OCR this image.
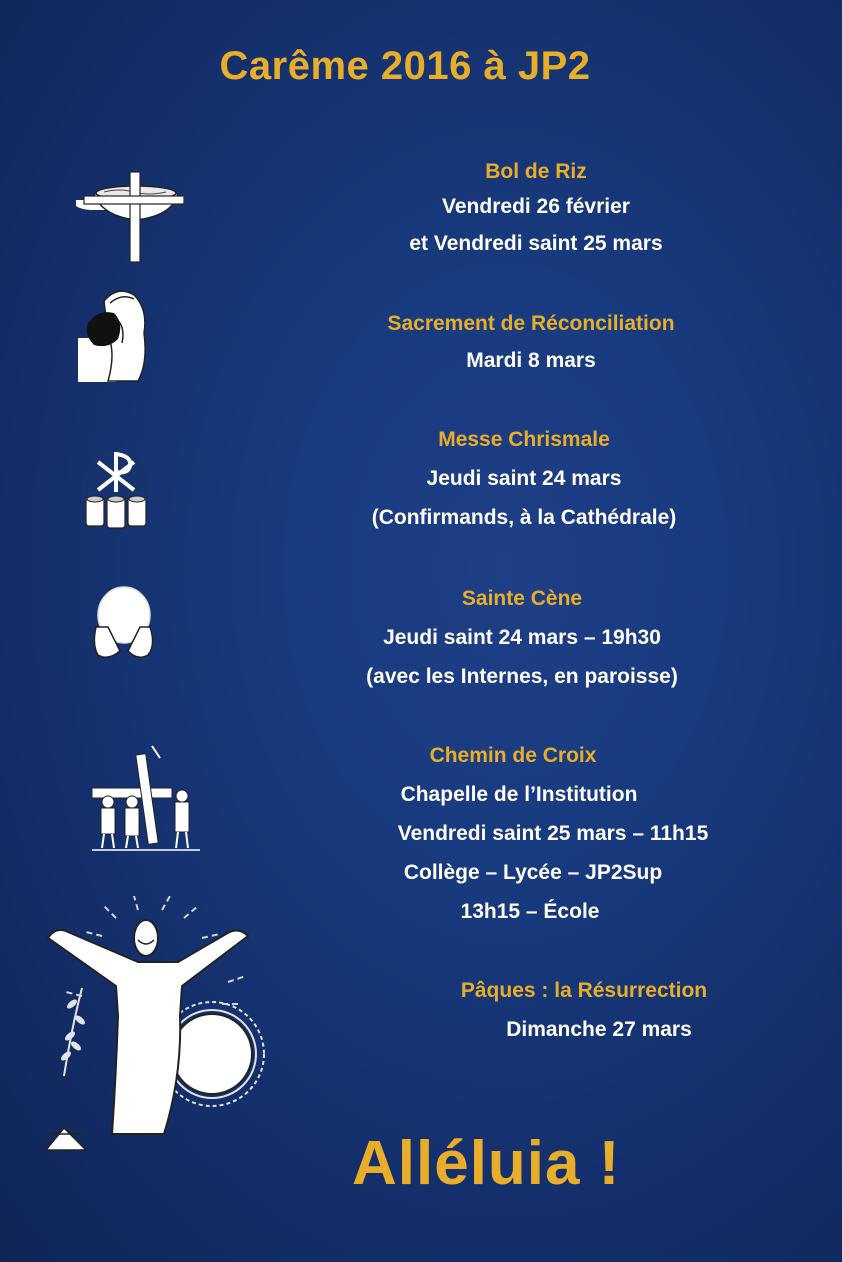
Carême 2016 à JP2
Bol de Riz
Vendredi 26 février
et Vendredi saint 25 mars
Sacrement de Réconciliation
Mardi 8 mars
Messe Chrismale
Jeudi saint 24 mars
(Confirmands, à la Cathédrale)
Sainte Cène
Jeudi saint 24 mars – 19h30
(avec les Internes, en paroisse)
Chemin de Croix
Chapelle de l’Institution
Vendredi saint 25 mars – 11h15
Collège – Lycée – JP2Sup
13h15 – École
Pâques : la Résurrection
Dimanche 27 mars
Alléluia !
